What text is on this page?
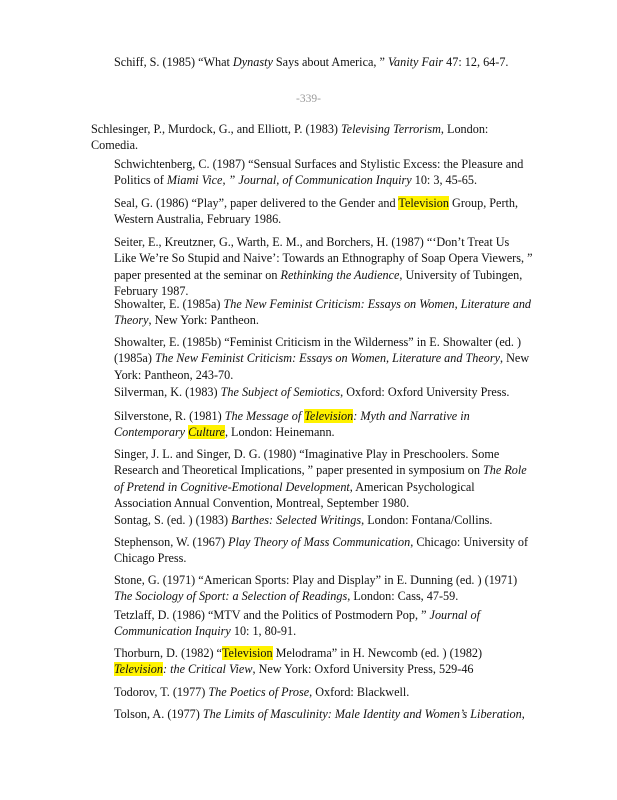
Schiff, S. (1985) “What Dynasty Says about America, ” Vanity Fair 47: 12, 64-7.

-339-

Schlesinger, P., Murdock, G., and Elliott, P. (1983) Televising Terrorism, London: Comedia.

Schwichtenberg, C. (1987) “Sensual Surfaces and Stylistic Excess: the Pleasure and Politics of Miami Vice, ” Journal, of Communication Inquiry 10: 3, 45-65.

Seal, G. (1986) “Play”, paper delivered to the Gender and Television Group, Perth, Western Australia, February 1986.

Seiter, E., Kreutzner, G., Warth, E. M., and Borchers, H. (1987) “‘Don’t Treat Us Like We’re So Stupid and Naive’: Towards an Ethnography of Soap Opera Viewers, ” paper presented at the seminar on Rethinking the Audience, University of Tubingen, February 1987.

Showalter, E. (1985a) The New Feminist Criticism: Essays on Women, Literature and Theory, New York: Pantheon.

Showalter, E. (1985b) “Feminist Criticism in the Wilderness” in E. Showalter (ed. ) (1985a) The New Feminist Criticism: Essays on Women, Literature and Theory, New York: Pantheon, 243-70.

Silverman, K. (1983) The Subject of Semiotics, Oxford: Oxford University Press.

Silverstone, R. (1981) The Message of Television: Myth and Narrative in Contemporary Culture, London: Heinemann.

Singer, J. L. and Singer, D. G. (1980) “Imaginative Play in Preschoolers. Some Research and Theoretical Implications, ” paper presented in symposium on The Role of Pretend in Cognitive-Emotional Development, American Psychological Association Annual Convention, Montreal, September 1980.

Sontag, S. (ed. ) (1983) Barthes: Selected Writings, London: Fontana/Collins.

Stephenson, W. (1967) Play Theory of Mass Communication, Chicago: University of Chicago Press.

Stone, G. (1971) “American Sports: Play and Display” in E. Dunning (ed. ) (1971) The Sociology of Sport: a Selection of Readings, London: Cass, 47-59.

Tetzlaff, D. (1986) “MTV and the Politics of Postmodern Pop, ” Journal of Communication Inquiry 10: 1, 80-91.

Thorburn, D. (1982) “Television Melodrama” in H. Newcomb (ed. ) (1982) Television: the Critical View, New York: Oxford University Press, 529-46

Todorov, T. (1977) The Poetics of Prose, Oxford: Blackwell.

Tolson, A. (1977) The Limits of Masculinity: Male Identity and Women’s Liberation,
